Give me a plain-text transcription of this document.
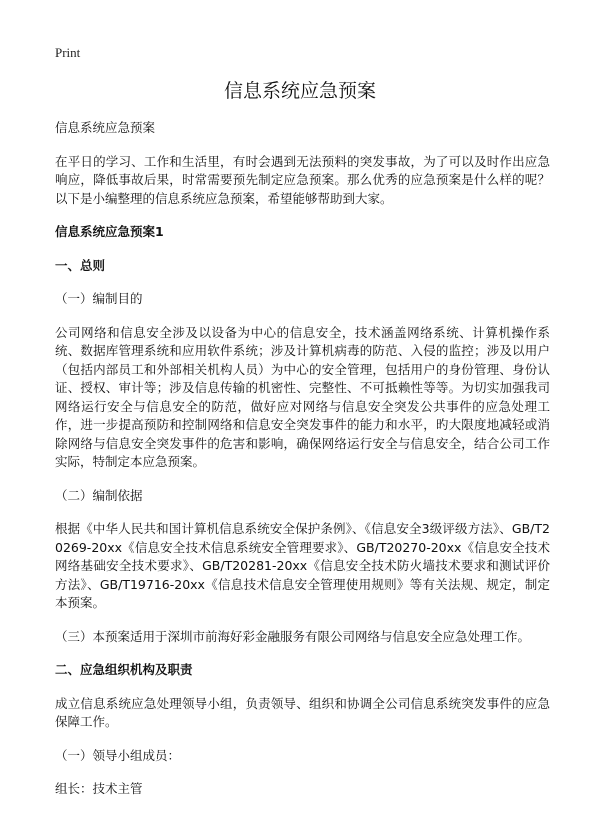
Print
信息系统应急预案

信息系统应急预案

在平日的学习、工作和生活里，有时会遇到无法预料的突发事故，为了可以及时作出应急响应，降低事故后果，时常需要预先制定应急预案。那么优秀的应急预案是什么样的呢？以下是小编整理的信息系统应急预案，希望能够帮助到大家。

信息系统应急预案1

一、总则

（一）编制目的

公司网络和信息安全涉及以设备为中心的信息安全，技术涵盖网络系统、计算机操作系统、数据库管理系统和应用软件系统；涉及计算机病毒的防范、入侵的监控；涉及以用户（包括内部员工和外部相关机构人员）为中心的安全管理，包括用户的身份管理、身份认证、授权、审计等；涉及信息传输的机密性、完整性、不可抵赖性等等。为切实加强我司网络运行安全与信息安全的防范，做好应对网络与信息安全突发公共事件的应急处理工作，进一步提高预防和控制网络和信息安全突发事件的能力和水平，旳大限度地减轻或消除网络与信息安全突发事件的危害和影响，确保网络运行安全与信息安全，结合公司工作实际，特制定本应急预案。

（二）编制依据

根据《中华人民共和国计算机信息系统安全保护条例》、《信息安全3级评级方法》、GB/T20269-20xx《信息安全技术信息系统安全管理要求》、GB/T20270-20xx《信息安全技术网络基础安全技术要求》、GB/T20281-20xx《信息安全技术防火墙技术要求和测试评价方法》、GB/T19716-20xx《信息技术信息安全管理使用规则》等有关法规、规定，制定本预案。

（三）本预案适用于深圳市前海好彩金融服务有限公司网络与信息安全应急处理工作。

二、应急组织机构及职责

成立信息系统应急处理领导小组，负责领导、组织和协调全公司信息系统突发事件的应急保障工作。

（一）领导小组成员：

组长：技术主管
